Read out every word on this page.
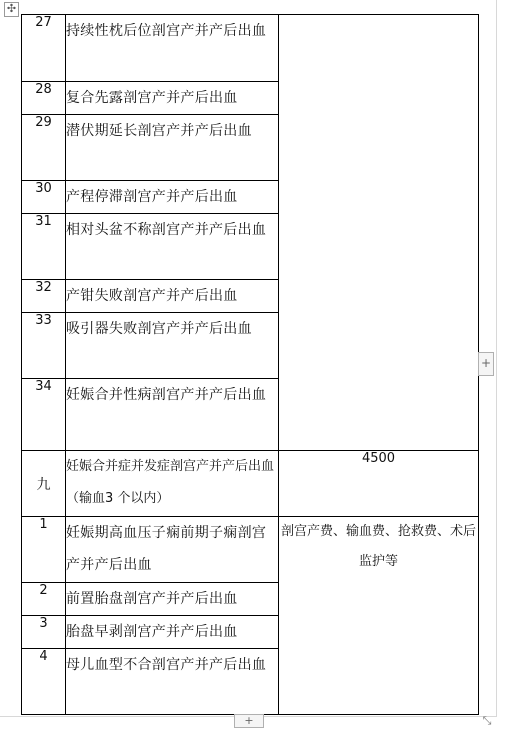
✣
27	持续性枕后位剖宫产并产后出血	
28	复合先露剖宫产并产后出血	
29	潜伏期延长剖宫产并产后出血	
30	产程停滞剖宫产并产后出血	
31	相对头盆不称剖宫产并产后出血	
32	产钳失败剖宫产并产后出血	
33	吸引器失败剖宫产并产后出血	
34	妊娠合并性病剖宫产并产后出血	
九	妊娠合并症并发症剖宫产并产后出血（输血3 个以内）	4500
1	妊娠期高血压子痫前期子痫剖宫产并产后出血	剖宫产费、输血费、抢救费、术后监护等
2	前置胎盘剖宫产并产后出血	
3	胎盘早剥剖宫产并产后出血	
4	母儿血型不合剖宫产并产后出血	
+
+	⤡
